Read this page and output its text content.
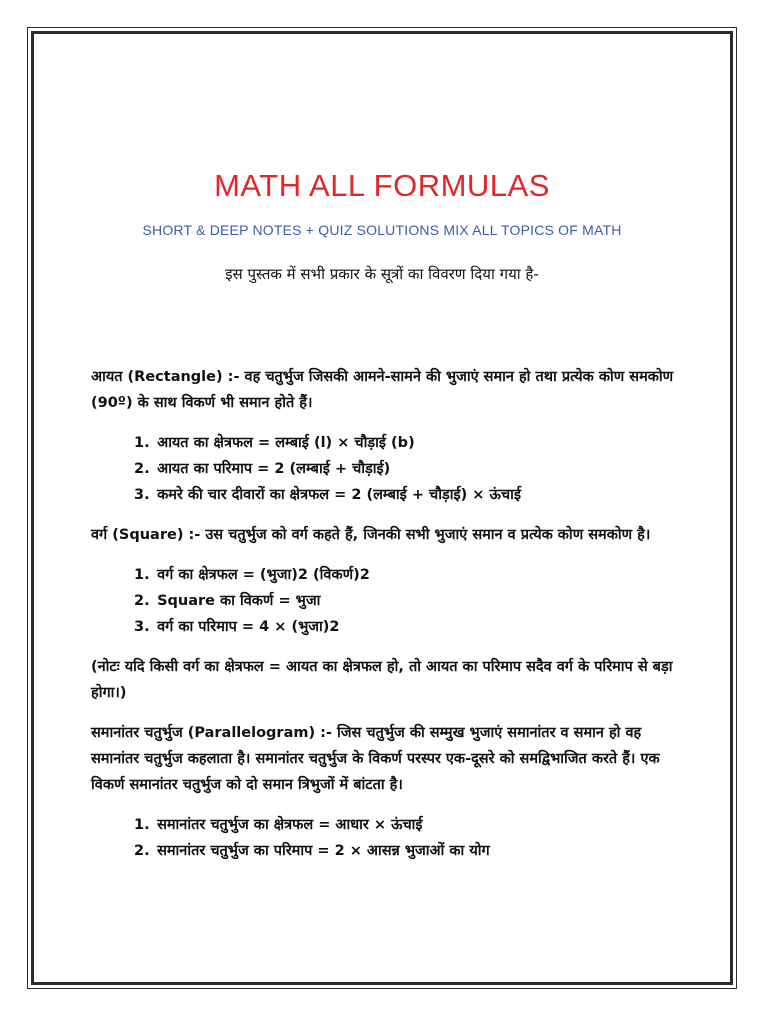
MATH ALL FORMULAS
SHORT & DEEP NOTES + QUIZ SOLUTIONS MIX ALL TOPICS OF MATH
इस पुस्तक में सभी प्रकार के सूत्रों का विवरण दिया गया है-

आयत (Rectangle) :- वह चतुर्भुज जिसकी आमने-सामने की भुजाएं समान हो तथा प्रत्येक कोण समकोण (90º) के साथ विकर्ण भी समान होते हैं।

1. आयत का क्षेत्रफल = लम्बाई (l) × चौड़ाई (b)
2. आयत का परिमाप = 2 (लम्बाई + चौड़ाई)
3. कमरे की चार दीवारों का क्षेत्रफल = 2 (लम्बाई + चौड़ाई) × ऊंचाई

वर्ग (Square) :- उस चतुर्भुज को वर्ग कहते हैं, जिनकी सभी भुजाएं समान व प्रत्येक कोण समकोण है।

1. वर्ग का क्षेत्रफल = (भुजा)2 (विकर्ण)2
2. Square का विकर्ण = भुजा
3. वर्ग का परिमाप = 4 × (भुजा)2

(नोटः यदि किसी वर्ग का क्षेत्रफल = आयत का क्षेत्रफल हो, तो आयत का परिमाप सदैव वर्ग के परिमाप से बड़ा होगा।)

समानांतर चतुर्भुज (Parallelogram) :- जिस चतुर्भुज की सम्मुख भुजाएं समानांतर व समान हो वह समानांतर चतुर्भुज कहलाता है। समानांतर चतुर्भुज के विकर्ण परस्पर एक-दूसरे को समद्विभाजित करते हैं। एक विकर्ण समानांतर चतुर्भुज को दो समान त्रिभुजों में बांटता है।

1. समानांतर चतुर्भुज का क्षेत्रफल = आधार × ऊंचाई
2. समानांतर चतुर्भुज का परिमाप = 2 × आसन्न भुजाओं का योग
